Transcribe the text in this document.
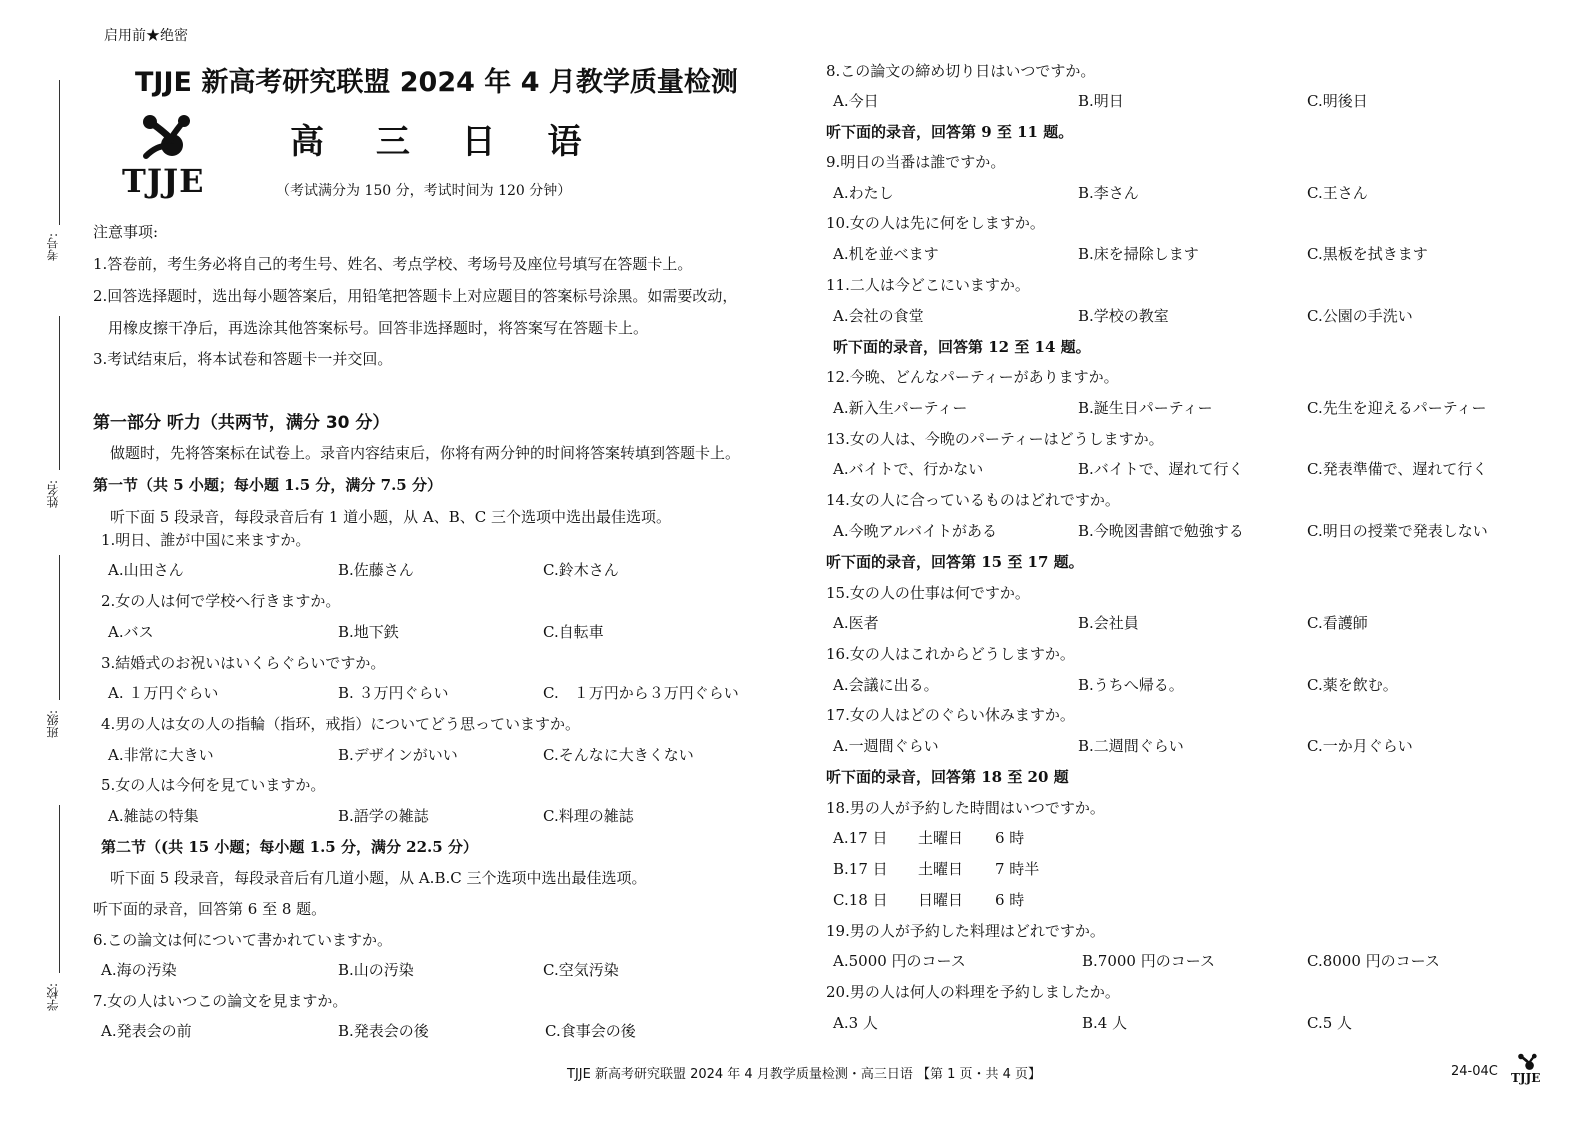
考号:
姓名:
班级:
学校:
启用前★绝密
TJJE 新高考研究联盟 2024 年 4 月教学质量检测
TJJE
高 三 日 语
（考试满分为 150 分，考试时间为 120 分钟）
注意事项:
1.答卷前，考生务必将自己的考生号、姓名、考点学校、考场号及座位号填写在答题卡上。
2.回答选择题时，选出每小题答案后，用铅笔把答题卡上对应题目的答案标号涂黑。如需要改动，
用橡皮擦干净后，再选涂其他答案标号。回答非选择题时，将答案写在答题卡上。
3.考试结束后，将本试卷和答题卡一并交回。
第一部分 听力（共两节，满分 30 分）
做题时，先将答案标在试卷上。录音内容结束后，你将有两分钟的时间将答案转填到答题卡上。
第一节（共 5 小题；每小题 1.5 分，满分 7.5 分）
听下面 5 段录音，每段录音后有 1 道小题，从 A、B、C 三个选项中选出最佳选项。
1.明日、誰が中国に来ますか。
A.山田さん	B.佐藤さん	C.鈴木さん
2.女の人は何で学校へ行きますか。
A.バス	B.地下鉄	C.自転車
3.結婚式のお祝いはいくらぐらいですか。
A. １万円ぐらい	B. ３万円ぐらい	C.　１万円から３万円ぐらい
4.男の人は女の人の指輪（指环，戒指）についてどう思っていますか。
A.非常に大きい	B.デザインがいい	C.そんなに大きくない
5.女の人は今何を見ていますか。
A.雑誌の特集	B.語学の雑誌	C.料理の雑誌
第二节（(共 15 小题；每小题 1.5 分，满分 22.5 分）
听下面 5 段录音，每段录音后有几道小题，从 A.B.C 三个选项中选出最佳选项。
听下面的录音，回答第 6 至 8 题。
6.この論文は何について書かれていますか。
A.海の汚染	B.山の汚染	C.空気汚染
7.女の人はいつこの論文を見ますか。
A.発表会の前	B.発表会の後	C.食事会の後
8.この論文の締め切り日はいつですか。
A.今日	B.明日	C.明後日
听下面的录音，回答第 9 至 11 题。
9.明日の当番は誰ですか。
A.わたし	B.李さん	C.王さん
10.女の人は先に何をしますか。
A.机を並べます	B.床を掃除します	C.黒板を拭きます
11.二人は今どこにいますか。
A.会社の食堂	B.学校の教室	C.公園の手洗い
听下面的录音，回答第 12 至 14 题。
12.今晩、どんなパーティーがありますか。
A.新入生パーティー	B.誕生日パーティー	C.先生を迎えるパーティー
13.女の人は、今晩のパーティーはどうしますか。
A.バイトで、行かない	B.バイトで、遅れて行く	C.発表準備で、遅れて行く
14.女の人に合っているものはどれですか。
A.今晩アルバイトがある	B.今晩図書館で勉強する	C.明日の授業で発表しない
听下面的录音，回答第 15 至 17 题。
15.女の人の仕事は何ですか。
A.医者	B.会社員	C.看護師
16.女の人はこれからどうしますか。
A.会議に出る。	B.うちへ帰る。	C.薬を飲む。
17.女の人はどのぐらい休みますか。
A.一週間ぐらい	B.二週間ぐらい	C.一か月ぐらい
听下面的录音，回答第 18 至 20 题
18.男の人が予約した時間はいつですか。
A.17 日 土曜日 6 時
B.17 日 土曜日 7 時半
C.18 日 日曜日 6 時
19.男の人が予約した料理はどれですか。
A.5000 円のコース	B.7000 円のコース	C.8000 円のコース
20.男の人は何人の料理を予約しましたか。
A.3 人	B.4 人	C.5 人
TJJE 新高考研究联盟 2024 年 4 月教学质量检测・高三日语 【第 1 页・共 4 页】	24-04C TJJE
